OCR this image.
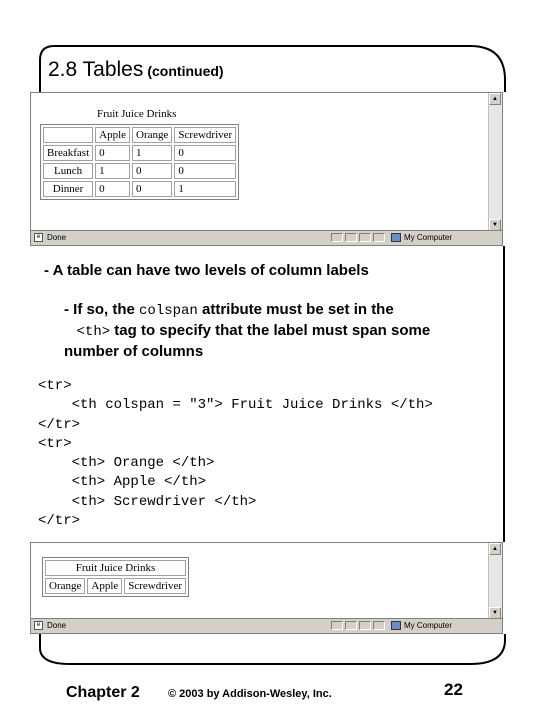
2.8 Tables (continued)
▲
▼
e Done	My Computer
Fruit Juice Drinks
	Apple	Orange	Screwdriver
Breakfast	0	1	0
Lunch	1	0	0
Dinner	0	0	1
- A table can have two levels of column labels
- If so, the colspan attribute must be set in the
<th> tag to specify that the label must span some number of columns
<tr>
<th colspan = "3"> Fruit Juice Drinks </th>
</tr>
<tr>
<th> Orange </th>
<th> Apple </th>
<th> Screwdriver </th>
</tr>
▲
▼
e Done	My Computer
Fruit Juice Drinks
Orange	Apple	Screwdriver
Chapter 2	© 2003 by Addison-Wesley, Inc.	22
